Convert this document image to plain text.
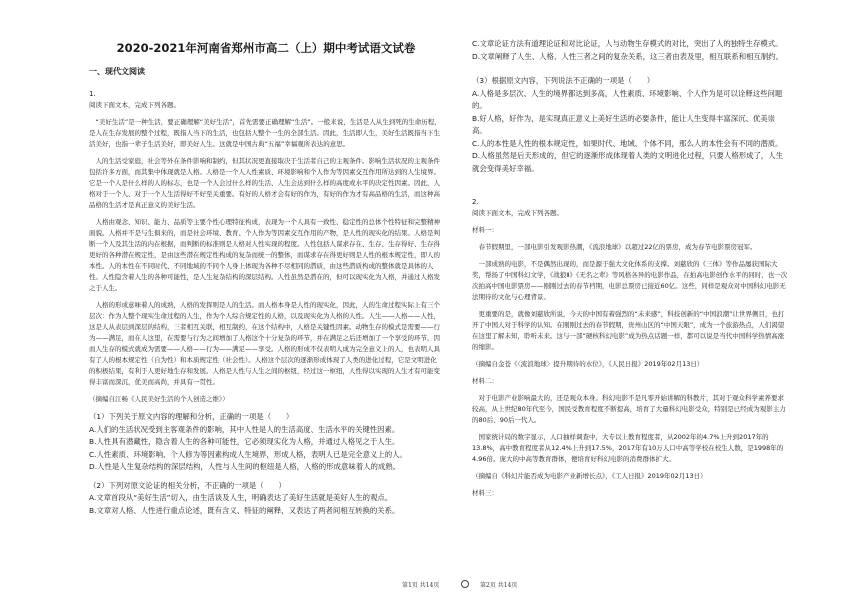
2020-2021年河南省郑州市高二（上）期中考试语文试卷
一、现代文阅读

1.

阅读下面文本，完成下列各题。

“美好生活”是一种生活，要正确理解“美好生活”，首先需要正确理解“生活”。一般来说，生活是人从生到死的生命历程，是人在生存发展的整个过程，既指人当下的生活，也包括人整个一生的全部生活。因此，生活即人生，美好生活既指当下生活美好，也指一辈子生活美好，即美好人生。这就是中国古典“五福”幸福观所表达的意思。

人的生活受家庭，社会等外在条件影响和制约，但其状况更直接取决于生活者自己的主观条件。影响生活状况的主观条件包括许多方面，而其集中体现就是人格。人格是一个人人性素质、环境影响和个人作为等因素交互作用所达到的人生境界。它是一个人是什么样的人的标志，也是一个人会过什么样的生活、人生会达到什么样的高度或水平的决定性因素。因此，人格对于一个人、对于一个人生活得好不好至关重要。有好的人格才会有好的作为，有好的作为才有高品格的生活，而这种高品格的生活才是真正意义的美好生活。

人格由观念、知识、能力、品质等主要个性心理特征构成，表现为一个人具有一致性、稳定性的总体个性特征和完整精神面貌。人格并不是与生俱来的，而是社会环境、教育、个人作为等因素交互作用的产物，是人性的现实化的结果。人格是判断一个人及其生活的内在根据，而判断的标准则是人格对人性实现的程度。人性包括人谋求存在、生存、生存得好、生存得更好的各种潜在规定性，是由这些潜在规定性构成的复杂而统一的整体，而谋求存在得更好则是人性的根本规定性，即人的本性。人的本性在不同时代、不同地域的不同个人身上体现为各种不尽相同的潜质，由这些潜质构成的整体就是具体的人性。人性隐含着人生的各种可能性，是人生复杂结构的深层结构。人性虽然是潜在的，但可以现实化为人格，并通过人格发之于人生。

人格的形成意味着人的成熟，人格的发挥则是人的生活。而人格本身是人性的现实化，因此，人的生命过程实际上有三个层次：作为人整个现实生命过程的人生，作为个人综合规定性的人格，以及现实化为人格的人性。人生——人格——人性，这是人从表层到深层的结构，三者相互关联，相互制约，在这个结构中，人格是关键性因素。动物生存的模式是需要——行为——满足，而在人这里，在需要与行为之间增加了人格这个十分复杂的环节，并在满足之后还增加了一个享受的环节，因而人生存的模式就成为需要——人格——行为——满足——享受。人格的形成不仅表明人成为完全意义上的人，也表明人具有了人的根本规定性（自为性）和本质规定性（社会性）。人格这个层次的逐渐形成体现了人类的进化过程，它是文明进化的积极结果，有利于人更好地生存和发展。人格是人性与人生之间的枢纽，经过这一枢纽，人性得以实现的人生才有可能变得丰富而深沉，优美而高尚，并具有一贯性。

（摘编自江畅《人民美好生活的个人创造之维》）

（1）下列关于原文内容的理解和分析，正确的一项是（　　）

A.人们的生活状况受到主客观条件的影响，其中人性是人的生活高度、生活水平的关键性因素。

B.人性具有潜藏性，隐含着人生的各种可能性，它必须现实化为人格，并通过人格见之于人生。

C.人性素质、环境影响、个人修为等因素构成人生境界，形成人格，表明人已是完全意义上的人。

D.人性是人生复杂结构的深层结构，人性与人生间的枢纽是人格，人格的形成意味着人的成熟。

（2）下列对原文论证的相关分析，不正确的一项是（　　）

A.文章首段从“美好生活”切入，由生活谈及人生，明确表达了美好生活就是美好人生的观点。

B.文章对人格、人性进行重点论述，既有含义、特征的阐释，又表达了两者间相互转换的关系。

C.文章论证方法有道理论证和对比论证，人与动物生存模式的对比，突出了人的独特生存模式。

D.文章阐释了人生、人格、人性三者之间的复杂关系，这三者由表及里，相互联系和相互制约。

（3）根据原文内容，下列说法不正确的一项是（　　）

A.人格是多层次、人生的境界都达到多高，人性素质、环境影响、个人作为是可以诠释这些问题的。

B.好人格，好作为，是实现真正意义上美好生活的必要条件，能让人生变得丰富深沉、优美崇高。

C.人的本性是人性的根本规定性，如果时代、地域、个体不同，那么人的本性会有不同的潜质。

D.人格虽然是后天形成的，但它的逐渐形成体现着人类的文明进化过程，只要人格形成了，人生就会变得美好幸福。

2.

阅读下面文本，完成下列各题。

材料一：

春节假期里，一部电影引发观影热潮，《流浪地球》以超过22亿的票房，成为春节电影票房冠军。

一部成熟的电影，不是偶然出现的，而是源于强大文化体系的支撑。刘慈欣的《三体》等作品屡获国际大奖，帮扬了中国科幻文学，《战狼Ⅱ》《无名之辈》等风格各异的电影作品，在拍高电影创作水平的同时，也一次次拍高中国电影票房——刚刚过去的春节档期，电影总票房已接近60亿。这些，同样是观众对中国科幻电影无法期待的文化与心理背景。

更重要的是，就像刘慈欣所说，今天的中国有着强烈的“未来感”，科技创新的“中国浪潮”让世界侧目，也打开了中国人对于科学的认知。在刚刚过去的春节假期，贵州山区的“中国天眼”，成为一个旅游热点，人们渴望在这里了解未知，聆听未来。这与一部“硬核科幻电影”成为热点话题一样，都可以说是当代中国科学热情高涨的缩影。

（摘编自金苍《〈流浪地球〉提升期待的水位》，《人民日报》2019年02月13日）

材料二：

对于电影产业影响最大的，还是观众本身。科幻电影不是凡零开始讲解的科教片，其对于观众科学素养要求较高，从上世纪80年代至今，国民受教育程度不断提高，培育了大量科幻电影受众，特别是已经成为观影主力的80后、90后一代人。

国家统计局的数字显示，人口抽样调查中，大专以上教育程度者，从2002年的4.7%上升到2017年的13.8%，高中教育程度者从12.4%上升到17.5%，2017年有10万人口中高等学校在校生人数，是1998年的4.96倍。庞大的中高等教育群体，便培育好科幻电影的消费群体扩大。

（摘编自《科幻片能否成为电影产业新增长点》，《工人日报》2019年02月13日）

材料三：

第1页 共14页	第2页 共14页
